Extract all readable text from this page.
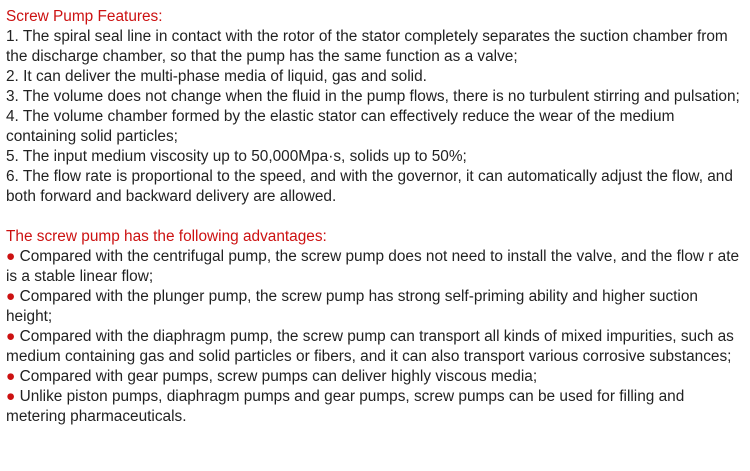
Screw Pump Features:
1. The spiral seal line in contact with the rotor of the stator completely separates the suction chamber from the discharge chamber, so that the pump has the same function as a valve;
2. It can deliver the multi-phase media of liquid, gas and solid.
3. The volume does not change when the fluid in the pump flows, there is no turbulent stirring and pulsation;
4. The volume chamber formed by the elastic stator can effectively reduce the wear of the medium containing solid particles;
5. The input medium viscosity up to 50,000Mpa·s, solids up to 50%;
6. The flow rate is proportional to the speed, and with the governor, it can automatically adjust the flow, and both forward and backward delivery are allowed.
The screw pump has the following advantages:
● Compared with the centrifugal pump, the screw pump does not need to install the valve, and the flow r ate is a stable linear flow;
● Compared with the plunger pump, the screw pump has strong self-priming ability and higher suction height;
● Compared with the diaphragm pump, the screw pump can transport all kinds of mixed impurities, such as medium containing gas and solid particles or fibers, and it can also transport various corrosive substances;
● Compared with gear pumps, screw pumps can deliver highly viscous media;
● Unlike piston pumps, diaphragm pumps and gear pumps, screw pumps can be used for filling and metering pharmaceuticals.
